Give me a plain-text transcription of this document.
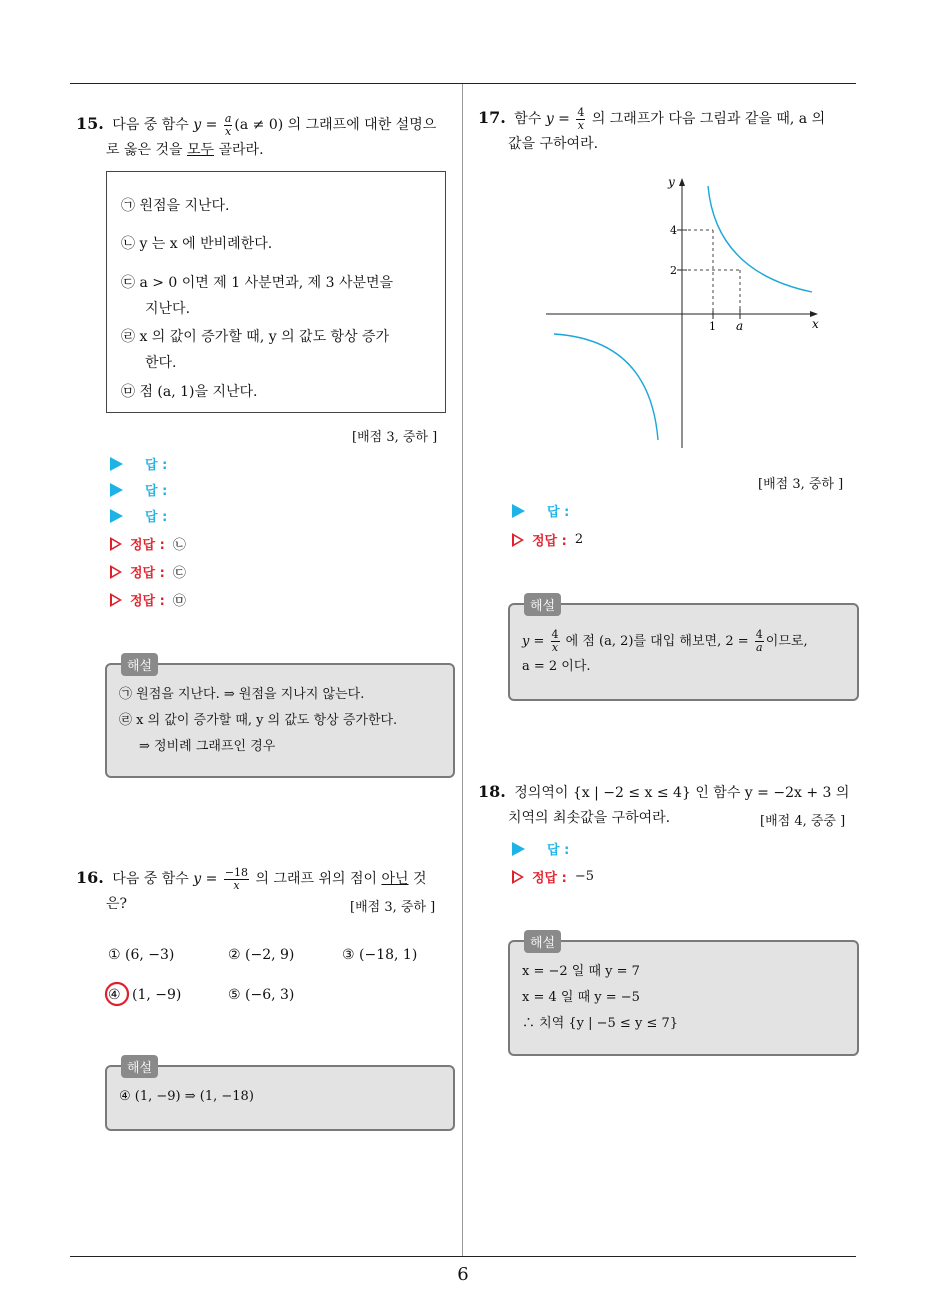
15. 다음 중 함수 $y = \frac{a}{x} (a \ne 0)$ 의 그래프에 대한 설명으
로 옳은 것을 모두 골라라.
㉠ 원점을 지난다.
㉡ y 는 x 에 반비례한다.
㉢ a > 0 이면 제 1 사분면과, 제 3 사분면을
지난다.
㉣ x 의 값이 증가할 때, y 의 값도 항상 증가
한다.
㉤ 점 (a, 1)을 지난다.
[배점 3, 중하 ]
답 :
답 :
답 :
정답 : ㉡
정답 : ㉢
정답 : ㉤
해설
㉠ 원점을 지난다. ⇒ 원점을 지나지 않는다.
㉣ x 의 값이 증가할 때, y 의 값도 항상 증가한다.
⇒ 정비례 그래프인 경우
16. 다음 중 함수 $y = \frac{-18}{x}$ 의 그래프 위의 점이 아닌 것
은?	[배점 3, 중하 ]
① (6, −3)	② (−2, 9)	③ (−18, 1)
④ (1, −9)	⑤ (−6, 3)
해설
④ (1, −9) ⇒ (1, −18)
17. 함수 $y = \frac{4}{x}$ 의 그래프가 다음 그림과 같을 때, a 의
값을 구하여라.
y
x
4
2
1 a
[배점 3, 중하 ]
답 :
정답 : 2
해설
$y = \frac{4}{x}$ 에 점 (a, 2)를 대입 해보면, $2 = \frac{4}{a}$ 이므로,
a = 2 이다.
18. 정의역이 {x | −2 ≤ x ≤ 4} 인 함수 y = −2x + 3 의
치역의 최솟값을 구하여라.	[배점 4, 중중 ]
답 :
정답 : −5
해설
x = −2 일 때 y = 7
x = 4 일 때 y = −5
∴ 치역 {y | −5 ≤ y ≤ 7}
6
